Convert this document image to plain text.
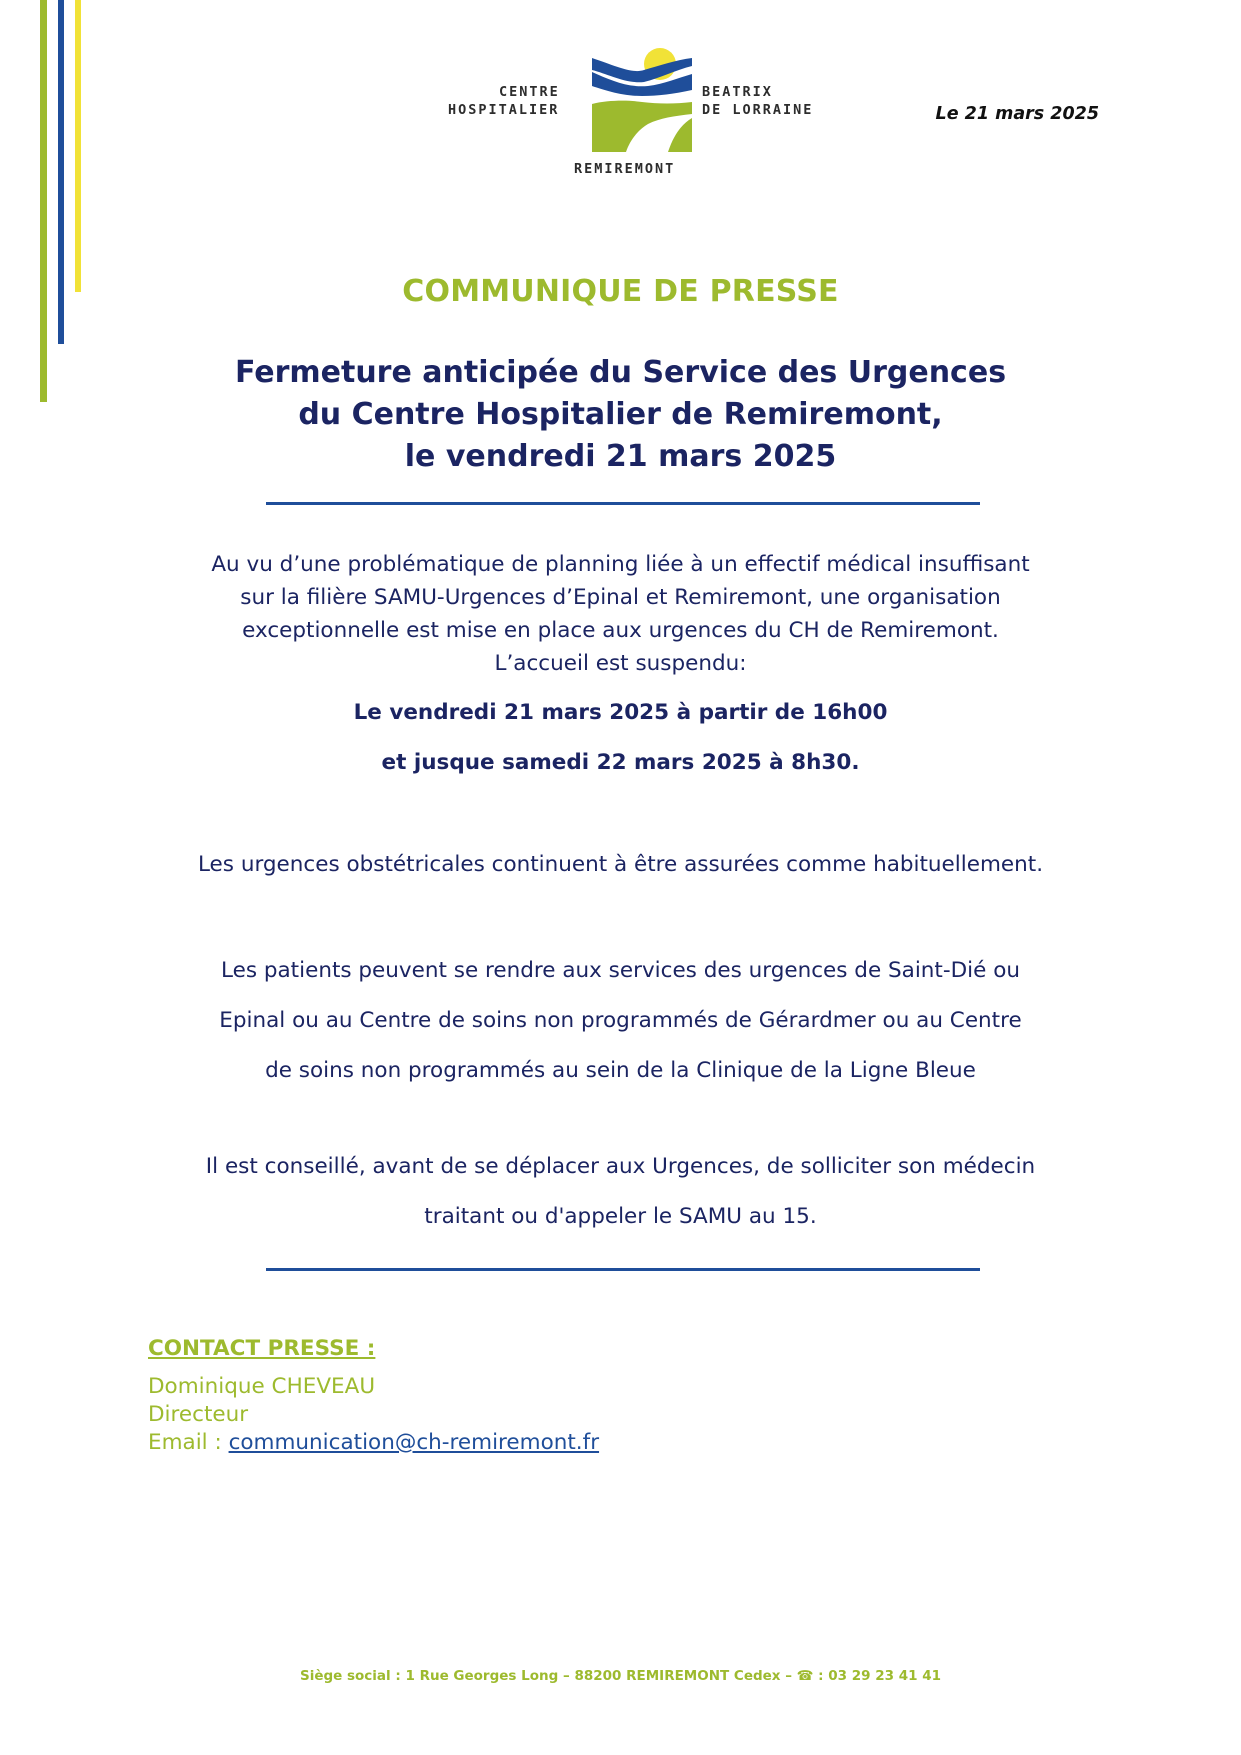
CENTRE
HOSPITALIER
BEATRIX
DE LORRAINE
REMIREMONT
Le 21 mars 2025
COMMUNIQUE DE PRESSE
Fermeture anticipée du Service des Urgences
du Centre Hospitalier de Remiremont,
le vendredi 21 mars 2025
Au vu d’une problématique de planning liée à un effectif médical insuffisant
sur la filière SAMU-Urgences d’Epinal et Remiremont, une organisation
exceptionnelle est mise en place aux urgences du CH de Remiremont.
L’accueil est suspendu:
Le vendredi 21 mars 2025 à partir de 16h00
et jusque samedi 22 mars 2025 à 8h30.
Les urgences obstétricales continuent à être assurées comme habituellement.
Les patients peuvent se rendre aux services des urgences de Saint-Dié ou
Epinal ou au Centre de soins non programmés de Gérardmer ou au Centre
de soins non programmés au sein de la Clinique de la Ligne Bleue
Il est conseillé, avant de se déplacer aux Urgences, de solliciter son médecin
traitant ou d'appeler le SAMU au 15.
CONTACT PRESSE :
Dominique CHEVEAU
Directeur
Email : communication@ch-remiremont.fr
Siège social : 1 Rue Georges Long – 88200 REMIREMONT Cedex – ☎ : 03 29 23 41 41
